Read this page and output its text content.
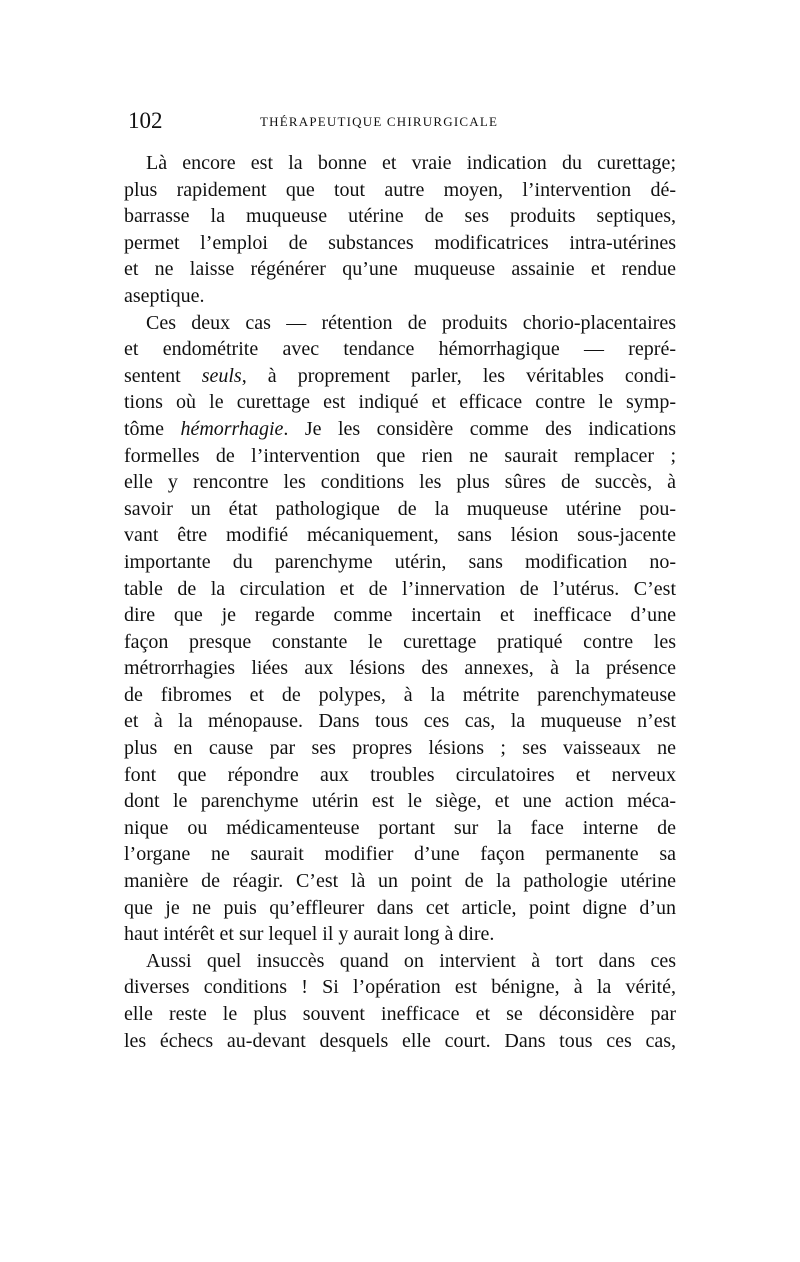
102	THÉRAPEUTIQUE CHIRURGICALE
Là encore est la bonne et vraie indication du curettage;
plus rapidement que tout autre moyen, l’intervention dé-
barrasse la muqueuse utérine de ses produits septiques,
permet l’emploi de substances modificatrices intra-utérines
et ne laisse régénérer qu’une muqueuse assainie et rendue
aseptique.
Ces deux cas — rétention de produits chorio-placentaires
et endométrite avec tendance hémorrhagique — repré-
sentent seuls, à proprement parler, les véritables condi-
tions où le curettage est indiqué et efficace contre le symp-
tôme hémorrhagie. Je les considère comme des indications
formelles de l’intervention que rien ne saurait remplacer ;
elle y rencontre les conditions les plus sûres de succès, à
savoir un état pathologique de la muqueuse utérine pou-
vant être modifié mécaniquement, sans lésion sous-jacente
importante du parenchyme utérin, sans modification no-
table de la circulation et de l’innervation de l’utérus. C’est
dire que je regarde comme incertain et inefficace d’une
façon presque constante le curettage pratiqué contre les
métrorrhagies liées aux lésions des annexes, à la présence
de fibromes et de polypes, à la métrite parenchymateuse
et à la ménopause. Dans tous ces cas, la muqueuse n’est
plus en cause par ses propres lésions ; ses vaisseaux ne
font que répondre aux troubles circulatoires et nerveux
dont le parenchyme utérin est le siège, et une action méca-
nique ou médicamenteuse portant sur la face interne de
l’organe ne saurait modifier d’une façon permanente sa
manière de réagir. C’est là un point de la pathologie utérine
que je ne puis qu’effleurer dans cet article, point digne d’un
haut intérêt et sur lequel il y aurait long à dire.
Aussi quel insuccès quand on intervient à tort dans ces
diverses conditions ! Si l’opération est bénigne, à la vérité,
elle reste le plus souvent inefficace et se déconsidère par
les échecs au-devant desquels elle court. Dans tous ces cas,
